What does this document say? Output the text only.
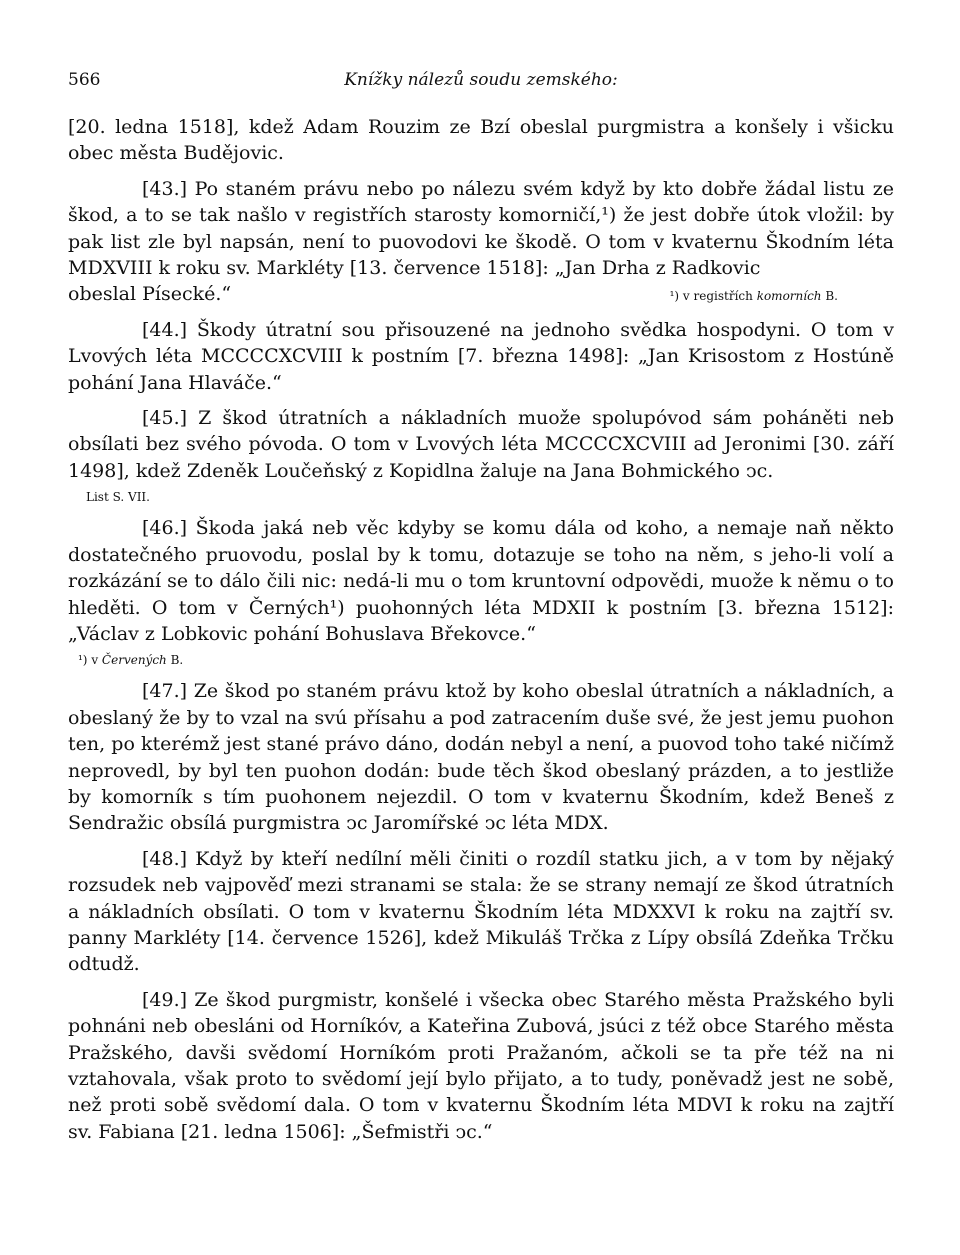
566	Knížky nálezů soudu zemského:

[20. ledna 1518], kdež Adam Rouzim ze Bzí obeslal purgmistra a konšely i všicku obec města Budějovic.

[43.] Po staném právu nebo po nálezu svém když by kto dobře žádal listu ze škod, a to se tak našlo v registřích starosty komorničí,¹) že jest dobře útok vložil: by pak list zle byl napsán, není to puovodovi ke škodě. O tom v kvaternu Škodním léta MDXVIII k roku sv. Markléty [13. července 1518]: „Jan Drha z Radkovic

obeslal Písecké.“	¹) v registřích komorních B.

[44.] Škody útratní sou přisouzené na jednoho svědka hospodyni. O tom v Lvových léta MCCCCXCVIII k postním [7. března 1498]: „Jan Krisostom z Hostúně pohání Jana Hlaváče.“

[45.] Z škod útratních a nákladních muože spolupóvod sám poháněti neb obsílati bez svého póvoda. O tom v Lvových léta MCCCCXCVIII ad Jeronimi [30. září 1498], kdež Zdeněk Loučeňský z Kopidlna žaluje na Jana Bohmického ↄc.

List S. VII.

[46.] Škoda jaká neb věc kdyby se komu dála od koho, a nemaje naň někto dostatečného pruovodu, poslal by k tomu, dotazuje se toho na něm, s jeho-li volí a rozkázání se to dálo čili nic: nedá-li mu o tom kruntovní odpovědi, muože k němu o to hleděti. O tom v Černých¹) puohonných léta MDXII k postním [3. března 1512]: „Václav z Lobkovic pohání Bohuslava Břekovce.“

¹) v Červených B.

[47.] Ze škod po staném právu ktož by koho obeslal útratních a nákladních, a obeslaný že by to vzal na svú přísahu a pod zatracením duše své, že jest jemu puohon ten, po kterémž jest stané právo dáno, dodán nebyl a není, a puovod toho také ničímž neprovedl, by byl ten puohon dodán: bude těch škod obeslaný prázden, a to jestliže by komorník s tím puohonem nejezdil. O tom v kvaternu Škodním, kdež Beneš z Sendražic obsílá purgmistra ↄc Jaromířské ↄc léta MDX.

[48.] Když by kteří nedílní měli činiti o rozdíl statku jich, a v tom by nějaký rozsudek neb vajpověď mezi stranami se stala: že se strany nemají ze škod útratních a nákladních obsílati. O tom v kvaternu Škodním léta MDXXVI k roku na zajtří sv. panny Markléty [14. července 1526], kdež Mikuláš Trčka z Lípy obsílá Zdeňka Trčku odtudž.

[49.] Ze škod purgmistr, konšelé i všecka obec Starého města Pražského byli pohnáni neb obesláni od Horníkóv, a Kateřina Zubová, jsúci z též obce Starého města Pražského, davši svědomí Horníkóm proti Pražanóm, ačkoli se ta pře též na ni vztahovala, však proto to svědomí její bylo přijato, a to tudy, poněvadž jest ne sobě, než proti sobě svědomí dala. O tom v kvaternu Škodním léta MDVI k roku na zajtří sv. Fabiana [21. ledna 1506]: „Šefmistři ↄc.“
